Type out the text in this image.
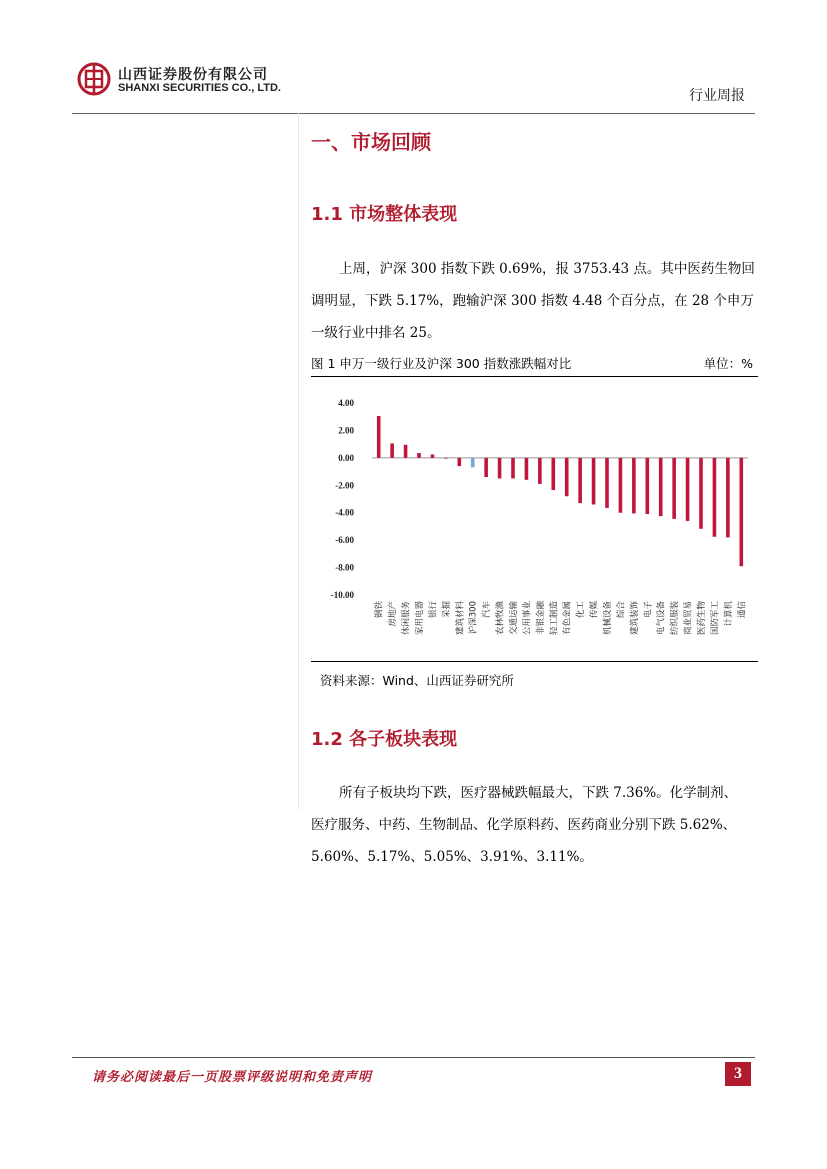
山西证券股份有限公司
SHANXI SECURITIES CO., LTD.	行业周报
一、市场回顾
1.1 市场整体表现
上周，沪深 300 指数下跌 0.69%，报 3753.43 点。其中医药生物回
调明显，下跌 5.17%，跑输沪深 300 指数 4.48 个百分点，在 28 个申万
一级行业中排名 25。
图 1 申万一级行业及沪深 300 指数涨跌幅对比	单位：%
4.00
2.00
0.00
-2.00
-4.00
-6.00
-8.00
-10.00
钢铁 房地产 休闲服务 家用电器 银行 采掘 建筑材料 沪深300 汽车 农林牧渔 交通运输 公用事业 非银金融 轻工制造 有色金属 化工 传媒 机械设备 综合 建筑装饰 电子 电气设备 纺织服装 商业贸易 医药生物 国防军工 计算机 通信
资料来源：Wind、山西证券研究所
1.2 各子板块表现
所有子板块均下跌，医疗器械跌幅最大，下跌 7.36%。化学制剂、
医疗服务、中药、生物制品、化学原料药、医药商业分别下跌 5.62%、
5.60%、5.17%、5.05%、3.91%、3.11%。
请务必阅读最后一页股票评级说明和免责声明	3
